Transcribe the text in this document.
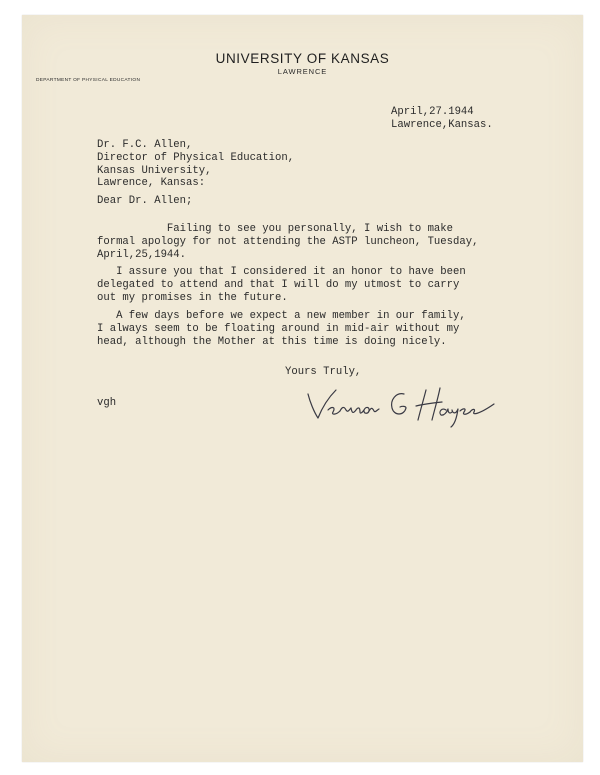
UNIVERSITY OF KANSAS
LAWRENCE
DEPARTMENT OF PHYSICAL EDUCATION
April,27.1944
Lawrence,Kansas.
Dr. F.C. Allen,
Director of Physical Education,
Kansas University,
Lawrence, Kansas:
Dear Dr. Allen;
Failing to see you personally, I wish to make
formal apology for not attending the ASTP luncheon, Tuesday,
April,25,1944.
I assure you that I considered it an honor to have been
delegated to attend and that I will do my utmost to carry
out my promises in the future.
A few days before we expect a new member in our family,
I always seem to be floating around in mid-air without my
head, although the Mother at this time is doing nicely.
Yours Truly,
vgh
